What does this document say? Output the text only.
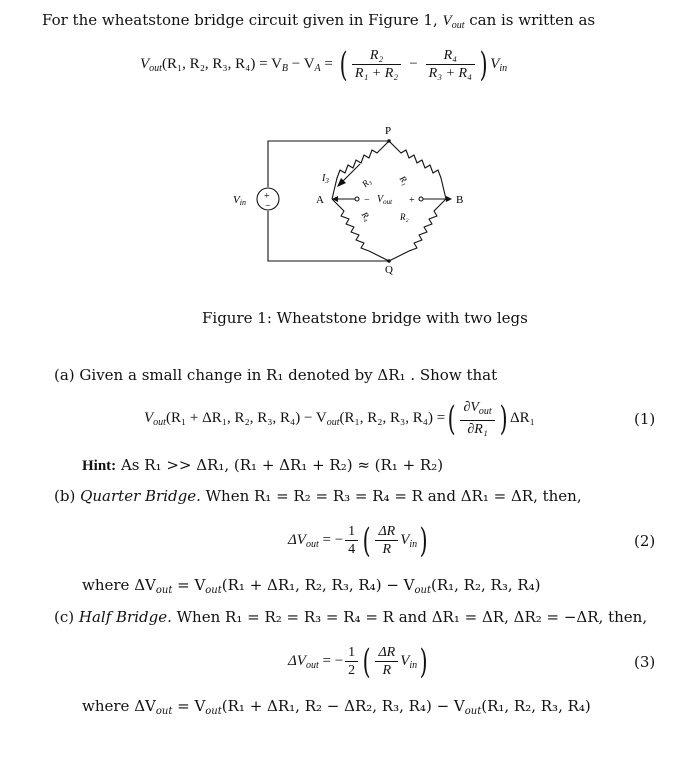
For the wheatstone bridge circuit given in Figure 1, $V_{out}$ can is written as
$V_{out}(R_1$, R₂, R₃, $R_4) = V_B - V_A$ = ( $\frac{\text{R₂}}{\text{R₁ + R₂}} - \frac{\text{R₄}}{\text{R₃ + R₄}}$ ) $V_{in}$
P
Q
A	B
Vin
+
−
$I_3$	R₃	R₁
R₄	R₂
− $V_{out}$ +
Figure 1: Wheatstone bridge with two legs
(a) Given a small change in R₁ denoted by ΔR₁ . Show that
$V_{out}(R_1 + \Delta R_1$, R₂, R₃, $R_4) - V_{out}(R_1$, R₂, R₃, R₄) =( $\frac{\partial V_{out}}{\text{∂R₁}}$ ) ΔR₁	(1)
Hint: As R₁ >> ΔR₁, (R₁ + ΔR₁ + R₂) ≈ (R₁ + R₂)
(b) Quarter Bridge. When R₁ = R₂ = R₃ = R₄ = R and ΔR₁ = ΔR, then,
$\Delta V_{out}$ = − $\frac{1}{4}$ ( $\frac{\Delta R}{R} V_{in}$)	(2)
where $\Delta V_{out} = V_{out}(R_1 + \Delta R_1$, R₂, R₃, $R_4) - V_{out}(R_1$, R₂, R₃, R₄)
(c) Half Bridge. When R₁ = R₂ = R₃ = R₄ = R and ΔR₁ = ΔR, ΔR₂ = −ΔR, then,
$\Delta V_{out}$ = − $\frac{1}{2}$ ( $\frac{\Delta R}{R} V_{in}$)	(3)
where $\Delta V_{out} = V_{out}(R_1 + \Delta R_1$, R₂ − ΔR₂, R₃, $R_4) - V_{out}(R_1$, R₂, R₃, R₄)
